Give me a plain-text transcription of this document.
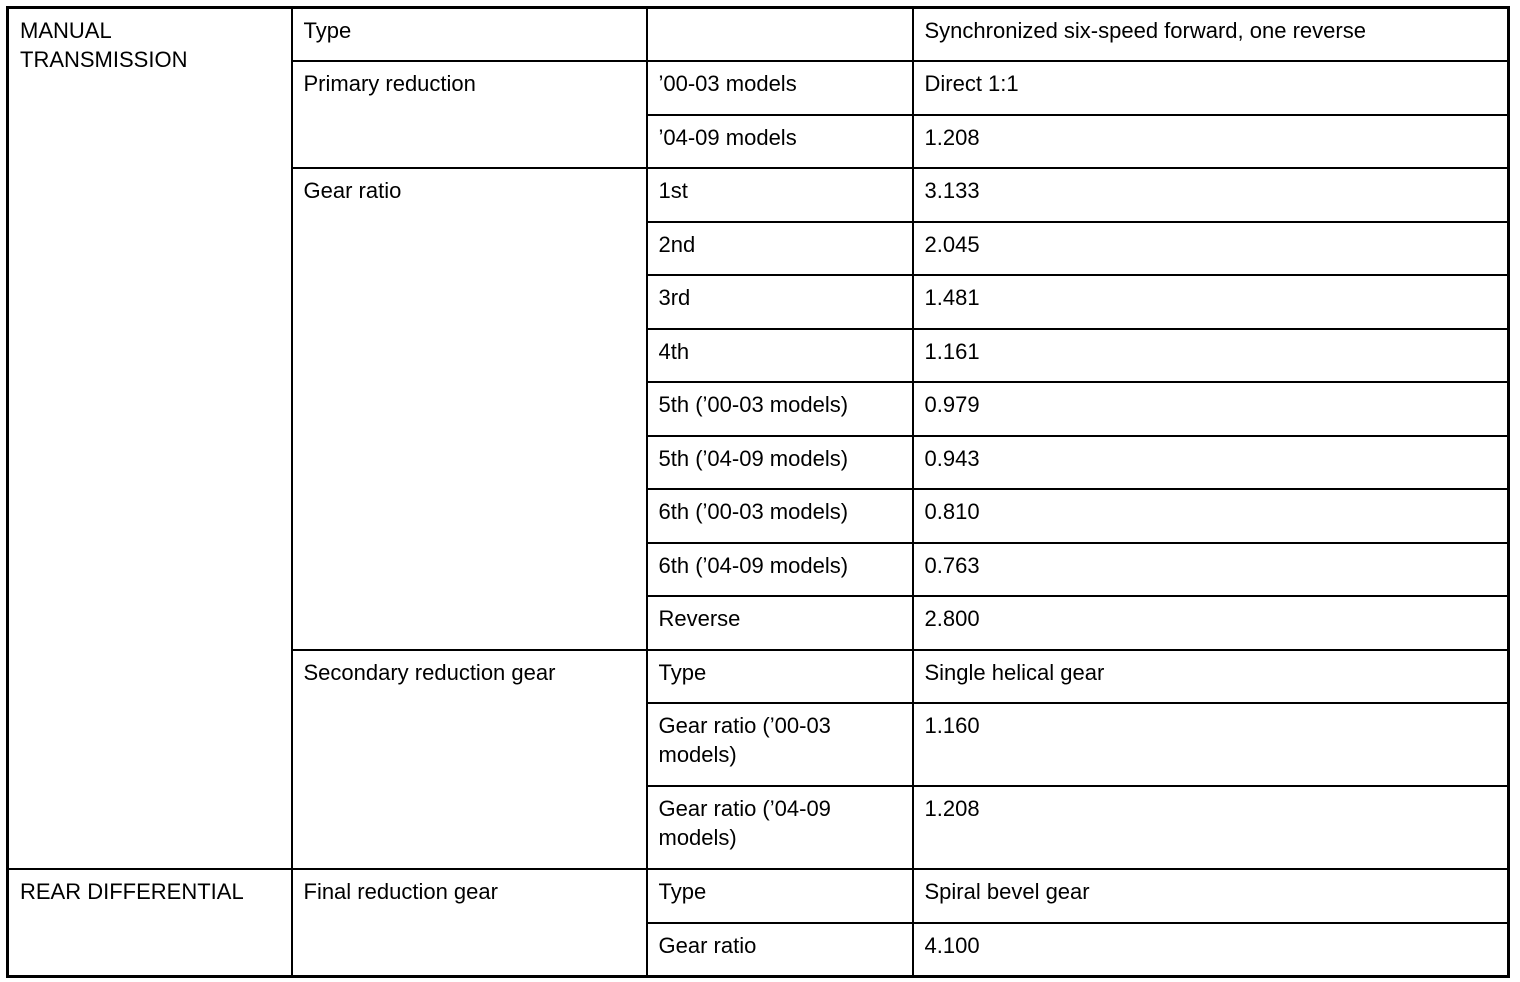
MANUAL TRANSMISSION	Type		Synchronized six-speed forward, one reverse
	Primary reduction	’00-03 models	Direct 1:1
		’04-09 models	1.208
	Gear ratio	1st	3.133
		2nd	2.045
		3rd	1.481
		4th	1.161
		5th (’00-03 models)	0.979
		5th (’04-09 models)	0.943
		6th (’00-03 models)	0.810
		6th (’04-09 models)	0.763
		Reverse	2.800
	Secondary reduction gear	Type	Single helical gear
		Gear ratio (’00-03 models)	1.160
		Gear ratio (’04-09 models)	1.208
REAR DIFFERENTIAL	Final reduction gear	Type	Spiral bevel gear
		Gear ratio	4.100
